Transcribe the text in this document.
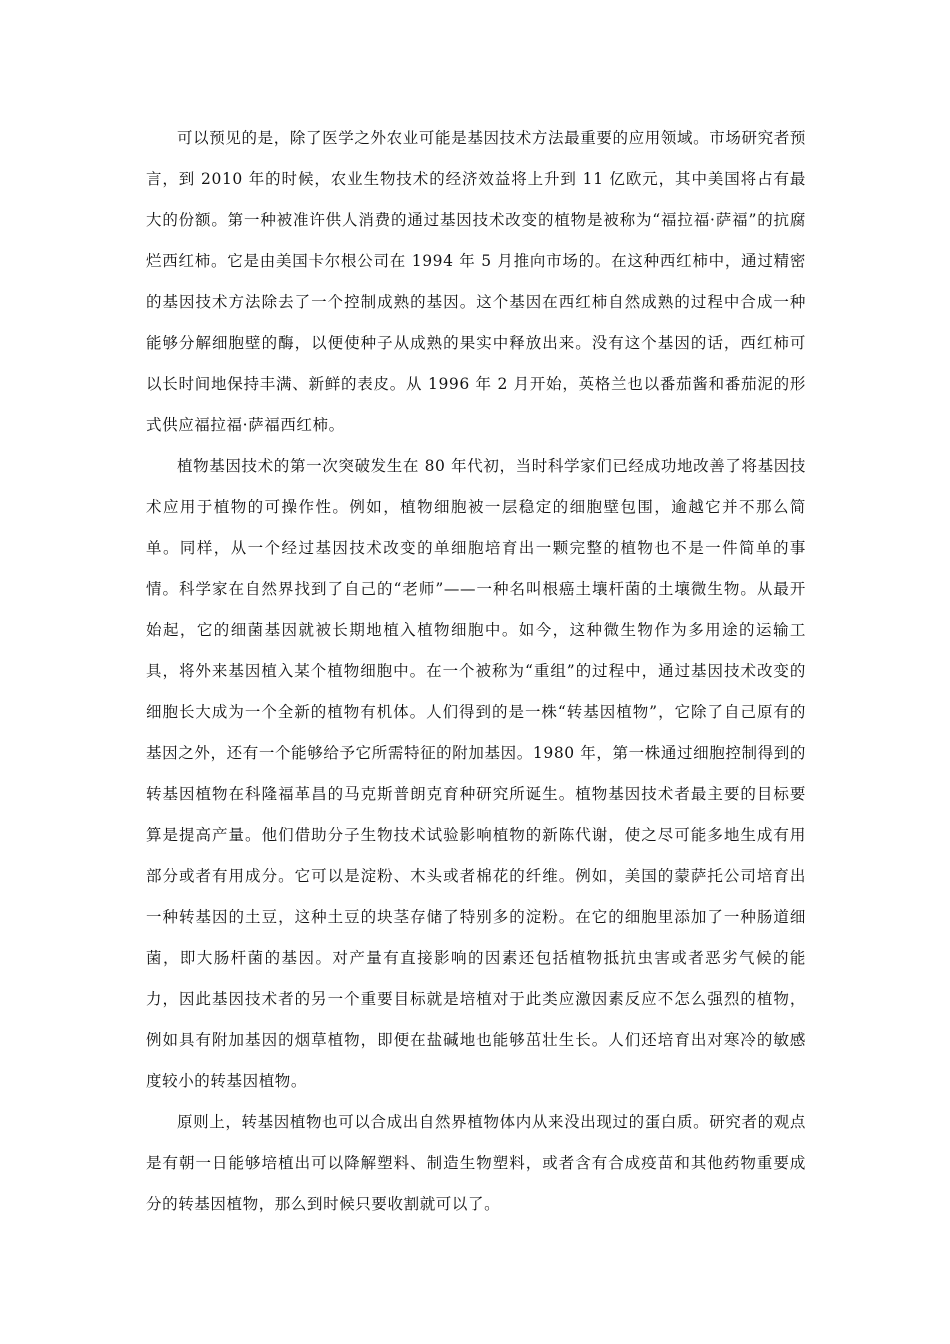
可以预见的是，除了医学之外农业可能是基因技术方法最重要的应用领域。市场研究者预言，到 2010 年的时候，农业生物技术的经济效益将上升到 11 亿欧元，其中美国将占有最大的份额。第一种被准许供人消费的通过基因技术改变的植物是被称为“福拉福·萨福”的抗腐烂西红柿。它是由美国卡尔根公司在 1994 年 5 月推向市场的。在这种西红柿中，通过精密的基因技术方法除去了一个控制成熟的基因。这个基因在西红柿自然成熟的过程中合成一种能够分解细胞壁的酶，以便使种子从成熟的果实中释放出来。没有这个基因的话，西红柿可以长时间地保持丰满、新鲜的表皮。从 1996 年 2 月开始，英格兰也以番茄酱和番茄泥的形式供应福拉福·萨福西红柿。

植物基因技术的第一次突破发生在 80 年代初，当时科学家们已经成功地改善了将基因技术应用于植物的可操作性。例如，植物细胞被一层稳定的细胞壁包围，逾越它并不那么简单。同样，从一个经过基因技术改变的单细胞培育出一颗完整的植物也不是一件简单的事情。科学家在自然界找到了自己的“老师”——一种名叫根癌土壤杆菌的土壤微生物。从最开始起，它的细菌基因就被长期地植入植物细胞中。如今，这种微生物作为多用途的运输工具，将外来基因植入某个植物细胞中。在一个被称为“重组”的过程中，通过基因技术改变的细胞长大成为一个全新的植物有机体。人们得到的是一株“转基因植物”，它除了自己原有的基因之外，还有一个能够给予它所需特征的附加基因。1980 年，第一株通过细胞控制得到的转基因植物在科隆福革昌的马克斯普朗克育种研究所诞生。植物基因技术者最主要的目标要算是提高产量。他们借助分子生物技术试验影响植物的新陈代谢，使之尽可能多地生成有用部分或者有用成分。它可以是淀粉、木头或者棉花的纤维。例如，美国的蒙萨托公司培育出一种转基因的土豆，这种土豆的块茎存储了特别多的淀粉。在它的细胞里添加了一种肠道细菌，即大肠杆菌的基因。对产量有直接影响的因素还包括植物抵抗虫害或者恶劣气候的能力，因此基因技术者的另一个重要目标就是培植对于此类应激因素反应不怎么强烈的植物，例如具有附加基因的烟草植物，即便在盐碱地也能够茁壮生长。人们还培育出对寒冷的敏感度较小的转基因植物。

原则上，转基因植物也可以合成出自然界植物体内从来没出现过的蛋白质。研究者的观点是有朝一日能够培植出可以降解塑料、制造生物塑料，或者含有合成疫苗和其他药物重要成分的转基因植物，那么到时候只要收割就可以了。
